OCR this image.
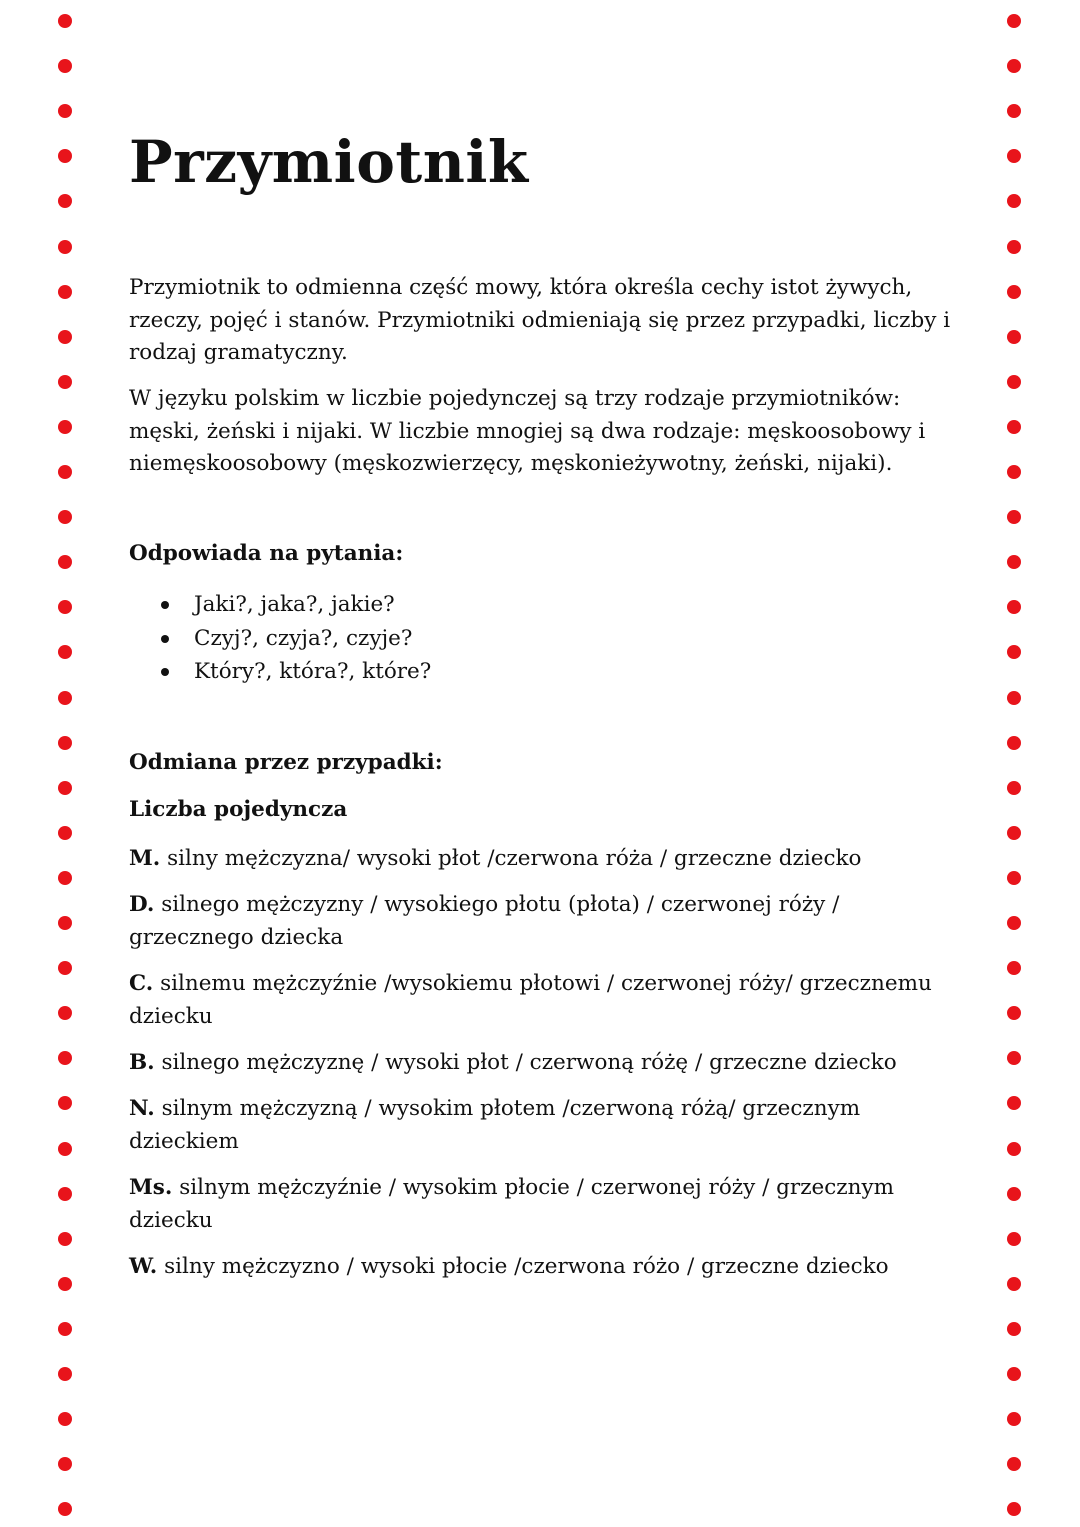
Przymiotnik

Przymiotnik to odmienna część mowy, która określa cechy istot żywych, rzeczy, pojęć i stanów. Przymiotniki odmieniają się przez przypadki, liczby i rodzaj gramatyczny.

W języku polskim w liczbie pojedynczej są trzy rodzaje przymiotników: męski, żeński i nijaki. W liczbie mnogiej są dwa rodzaje: męskoosobowy i niemęskoosobowy (męskozwierzęcy, męskonieżywotny, żeński, nijaki).

Odpowiada na pytania:

Jaki?, jaka?, jakie?
Czyj?, czyja?, czyje?
Który?, która?, które?

Odmiana przez przypadki:

Liczba pojedyncza

M. silny mężczyzna/ wysoki płot /czerwona róża / grzeczne dziecko

D. silnego mężczyzny / wysokiego płotu (płota) / czerwonej róży / grzecznego dziecka

C. silnemu mężczyźnie /wysokiemu płotowi / czerwonej róży/ grzecznemu dziecku

B. silnego mężczyznę / wysoki płot / czerwoną różę / grzeczne dziecko

N. silnym mężczyzną / wysokim płotem /czerwoną różą/ grzecznym dzieckiem

Ms. silnym mężczyźnie / wysokim płocie / czerwonej róży / grzecznym dziecku

W. silny mężczyzno / wysoki płocie /czerwona różo / grzeczne dziecko
